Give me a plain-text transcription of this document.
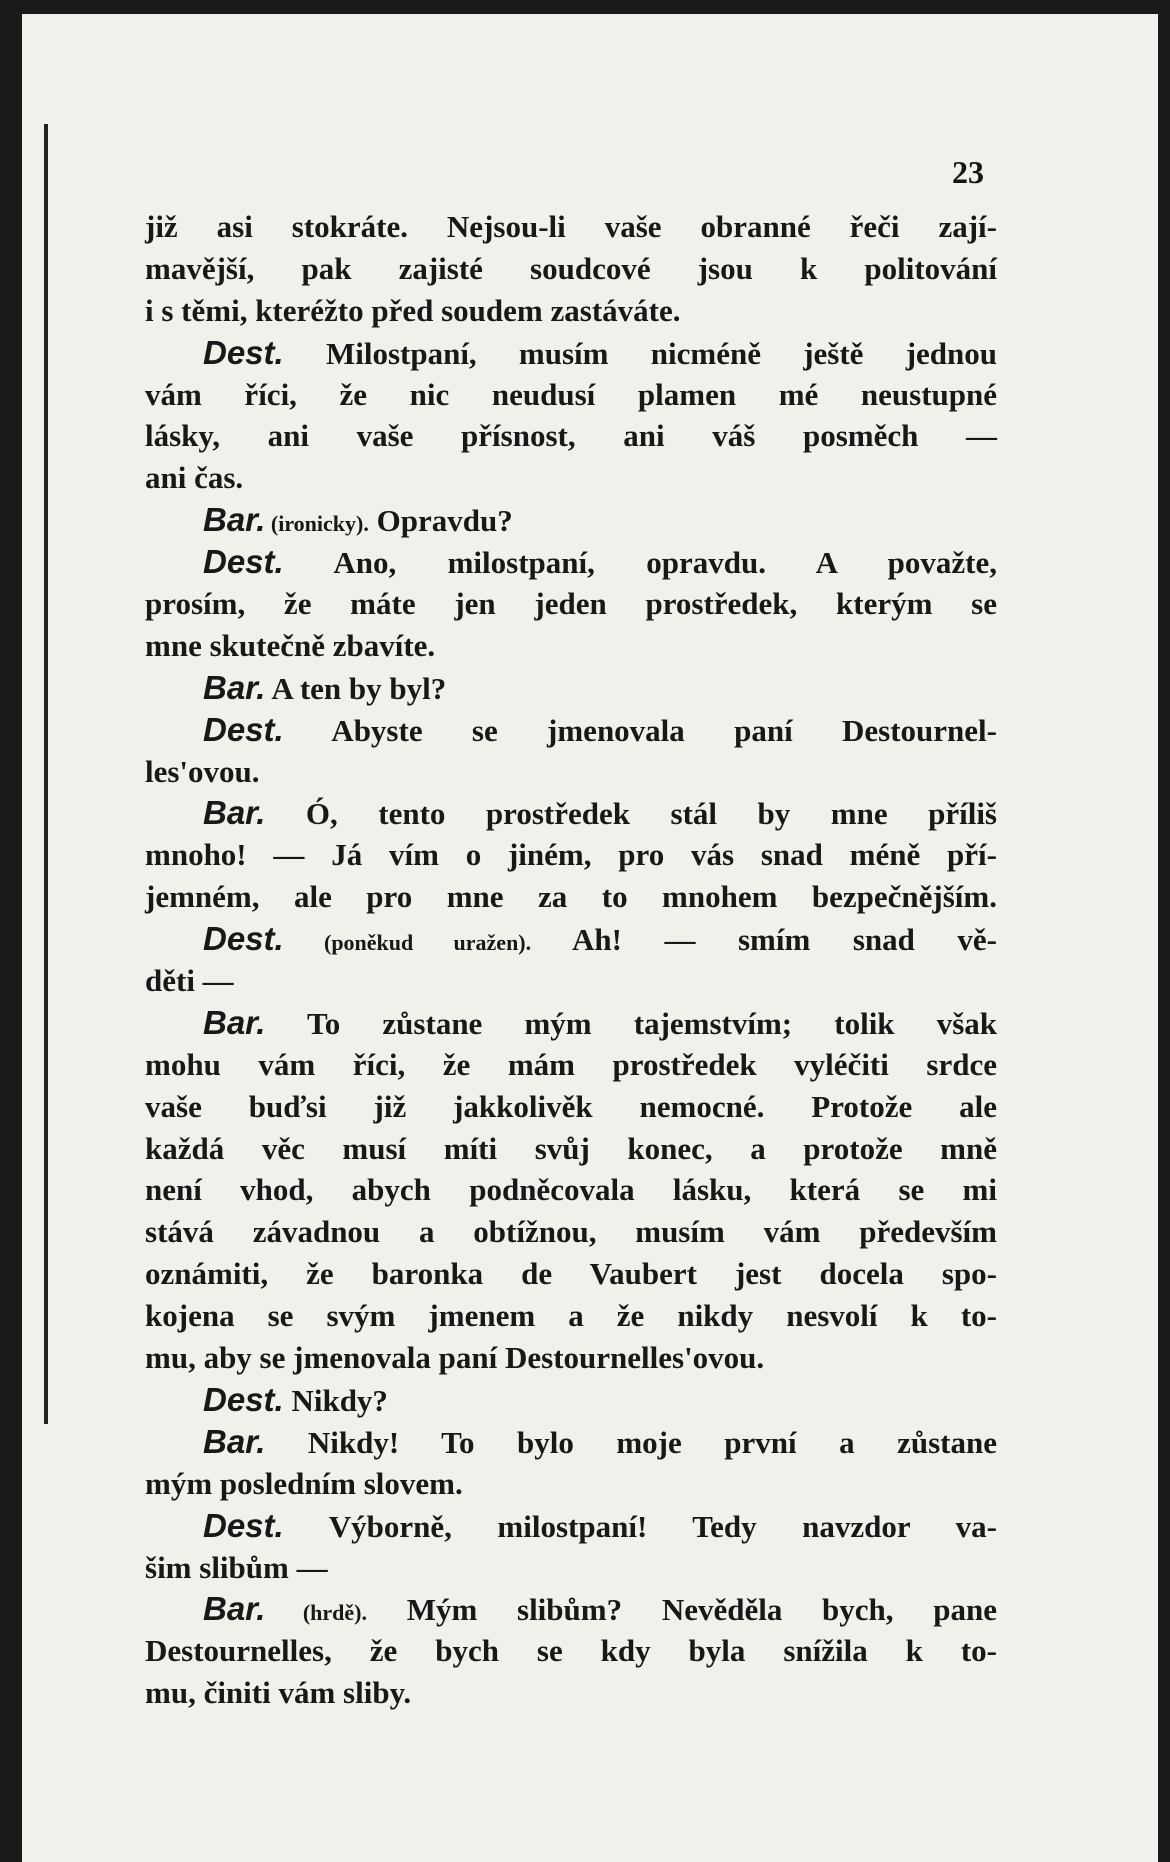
23
již asi stokráte. Nejsou-li vaše obranné řeči zají-
mavější, pak zajisté soudcové jsou k politování
i s těmi, kteréžto před soudem zastáváte.
Dest. Milostpaní, musím nicméně ještě jednou
vám říci, že nic neudusí plamen mé neustupné
lásky, ani vaše přísnost, ani váš posměch —
ani čas.
Bar. (ironicky). Opravdu?
Dest. Ano, milostpaní, opravdu. A považte,
prosím, že máte jen jeden prostředek, kterým se
mne skutečně zbavíte.
Bar. A ten by byl?
Dest. Abyste se jmenovala paní Destournel-
les'ovou.
Bar. Ó, tento prostředek stál by mne příliš
mnoho! — Já vím o jiném, pro vás snad méně pří-
jemném, ale pro mne za to mnohem bezpečnějším.
Dest. (poněkud uražen). Ah! — smím snad vě-
děti —
Bar. To zůstane mým tajemstvím; tolik však
mohu vám říci, že mám prostředek vyléčiti srdce
vaše buďsi již jakkolivěk nemocné. Protože ale
každá věc musí míti svůj konec, a protože mně
není vhod, abych podněcovala lásku, která se mi
stává závadnou a obtížnou, musím vám především
oznámiti, že baronka de Vaubert jest docela spo-
kojena se svým jmenem a že nikdy nesvolí k to-
mu, aby se jmenovala paní Destournelles'ovou.
Dest. Nikdy?
Bar. Nikdy! To bylo moje první a zůstane
mým posledním slovem.
Dest. Výborně, milostpaní! Tedy navzdor va-
šim slibům —
Bar. (hrdě). Mým slibům? Nevěděla bych, pane
Destournelles, že bych se kdy byla snížila k to-
mu, činiti vám sliby.
